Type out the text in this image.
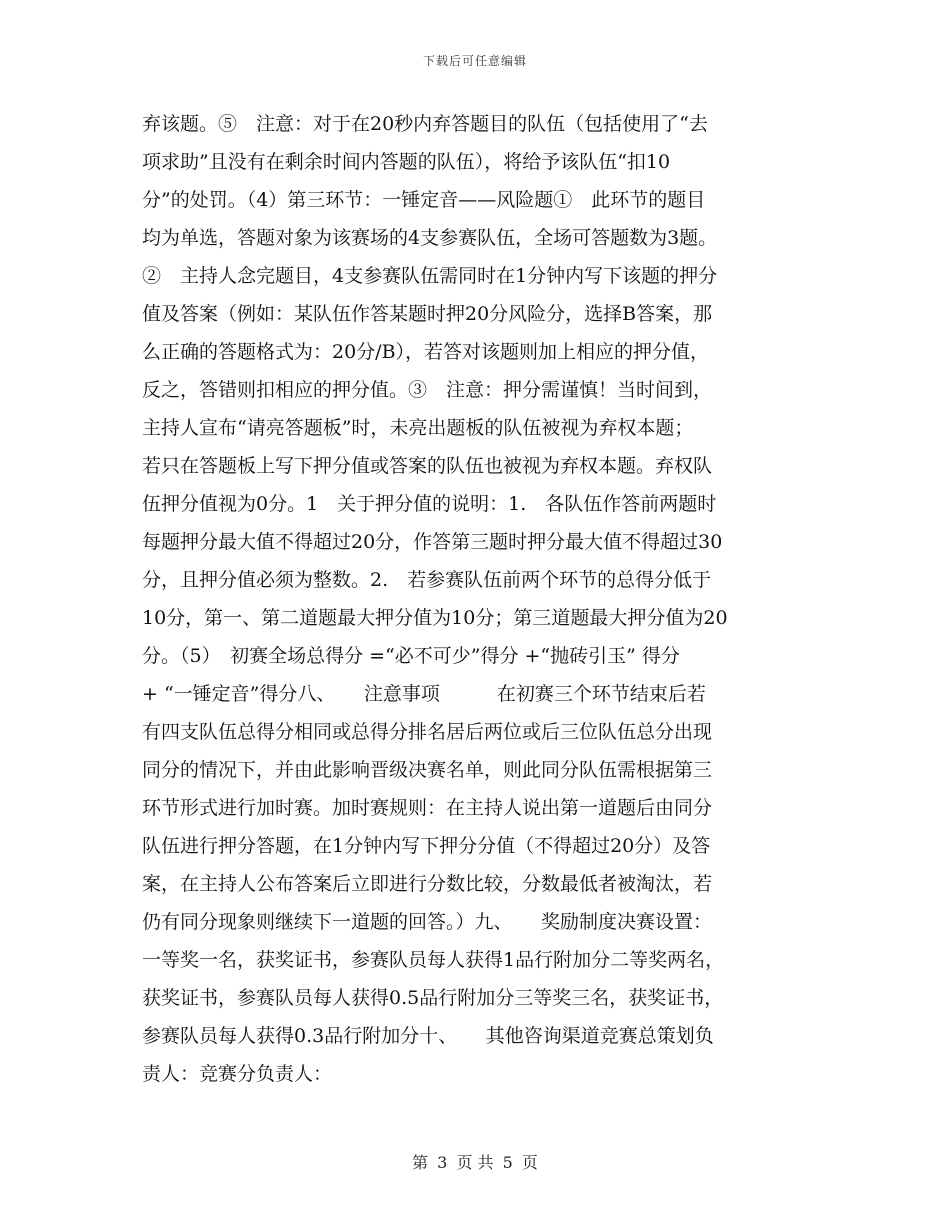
下载后可任意编辑
弃该题。⑤　注意：对于在20秒内弃答题目的队伍（包括使用了“去
项求助”且没有在剩余时间内答题的队伍），将给予该队伍“扣10
分”的处罚。（4）第三环节：一锤定音——风险题①　此环节的题目
均为单选，答题对象为该赛场的4支参赛队伍，全场可答题数为3题。
②　主持人念完题目，4支参赛队伍需同时在1分钟内写下该题的押分
值及答案（例如：某队伍作答某题时押20分风险分，选择B答案，那
么正确的答题格式为：20分/B），若答对该题则加上相应的押分值，
反之，答错则扣相应的押分值。③　注意：押分需谨慎！当时间到，
主持人宣布“请亮答题板”时，未亮出题板的队伍被视为弃权本题；
若只在答题板上写下押分值或答案的队伍也被视为弃权本题。弃权队
伍押分值视为0分。1　关于押分值的说明：1.　各队伍作答前两题时
每题押分最大值不得超过20分，作答第三题时押分最大值不得超过30
分，且押分值必须为整数。2.　若参赛队伍前两个环节的总得分低于
10分，第一、第二道题最大押分值为10分；第三道题最大押分值为20
分。（5）　初赛全场总得分 =“必不可少”得分 +“抛砖引玉” 得分
+ “一锤定音”得分八、　　注意事项　　　在初赛三个环节结束后若
有四支队伍总得分相同或总得分排名居后两位或后三位队伍总分出现
同分的情况下，并由此影响晋级决赛名单，则此同分队伍需根据第三
环节形式进行加时赛。加时赛规则：在主持人说出第一道题后由同分
队伍进行押分答题，在1分钟内写下押分分值（不得超过20分）及答
案，在主持人公布答案后立即进行分数比较，分数最低者被淘汰，若
仍有同分现象则继续下一道题的回答。）九、　　奖励制度决赛设置：
一等奖一名，获奖证书，参赛队员每人获得1品行附加分二等奖两名，
获奖证书，参赛队员每人获得0.5品行附加分三等奖三名，获奖证书，
参赛队员每人获得0.3品行附加分十、　　其他咨询渠道竞赛总策划负
责人：竞赛分负责人：
第 3 页 共 5 页
